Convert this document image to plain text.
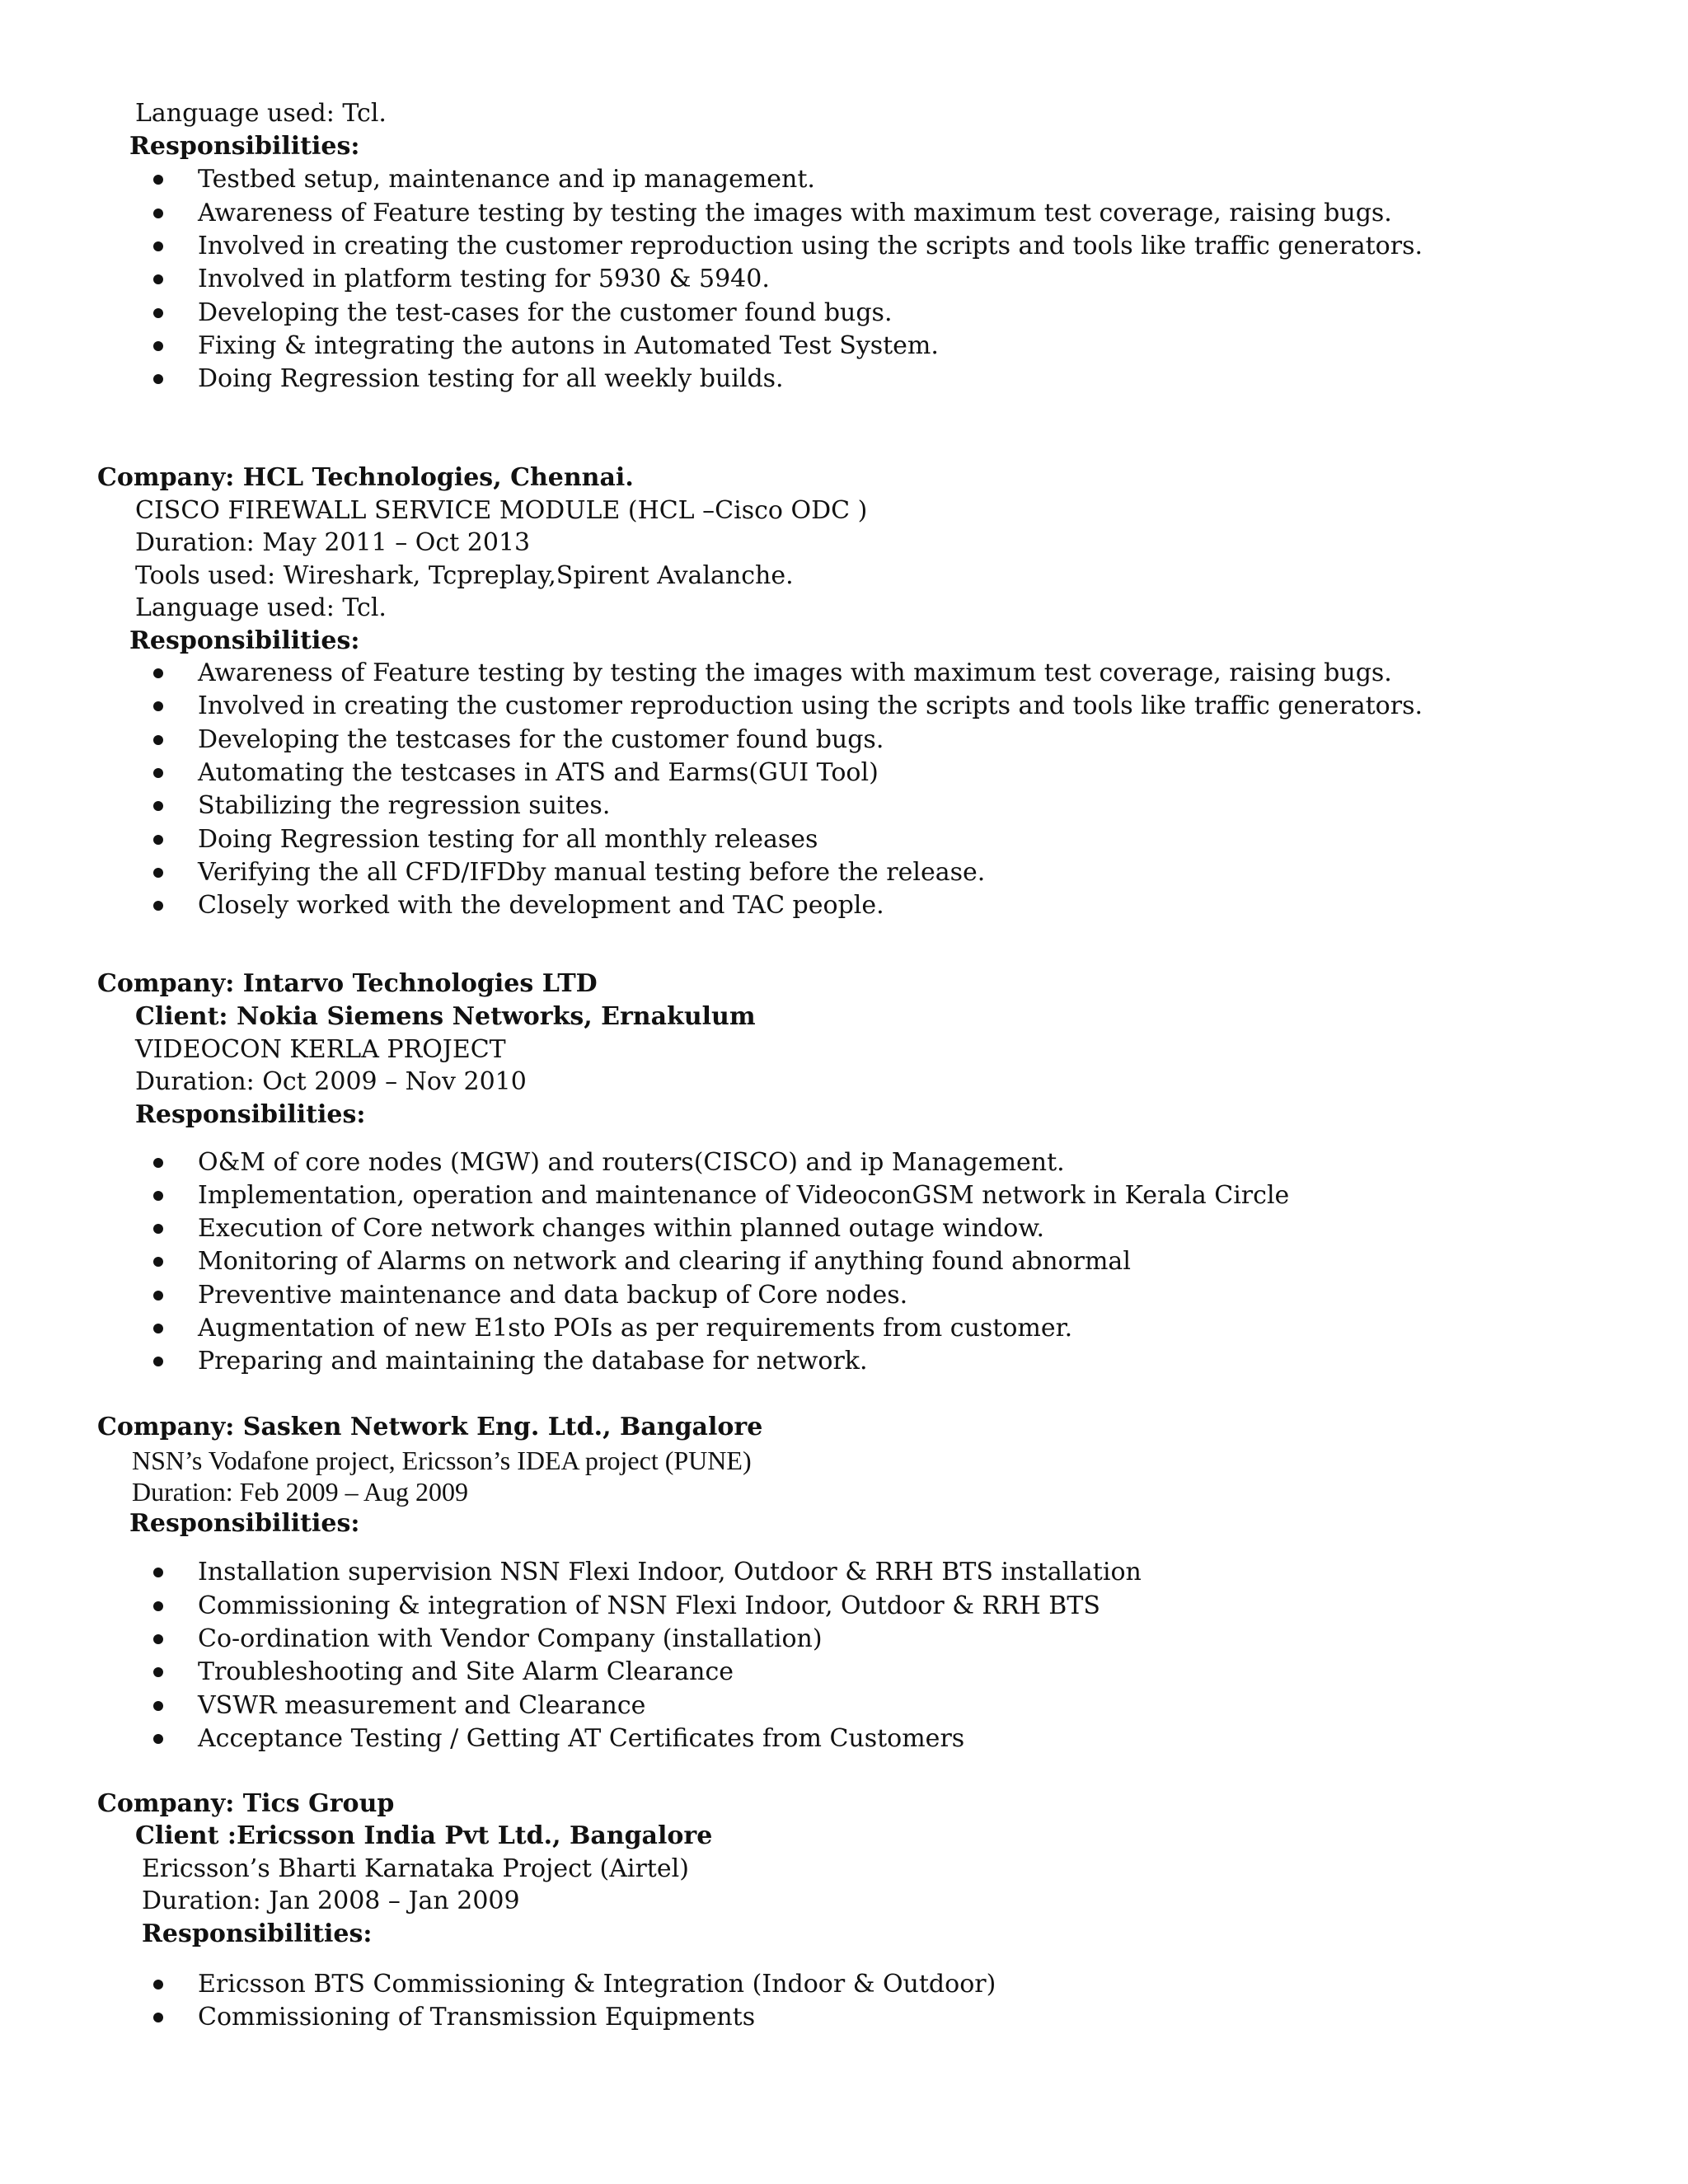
Language used: Tcl.
Responsibilities:
Testbed setup, maintenance and ip management.
Awareness of Feature testing by testing the images with maximum test coverage, raising bugs.
Involved in creating the customer reproduction using the scripts and tools like traffic generators.
Involved in platform testing for 5930 & 5940.
Developing the test-cases for the customer found bugs.
Fixing & integrating the autons in Automated Test System.
Doing Regression testing for all weekly builds.
Company: HCL Technologies, Chennai.
CISCO FIREWALL SERVICE MODULE (HCL –Cisco ODC )
Duration: May 2011 – Oct 2013
Tools used: Wireshark, Tcpreplay,Spirent Avalanche.
Language used: Tcl.
Responsibilities:
Awareness of Feature testing by testing the images with maximum test coverage, raising bugs.
Involved in creating the customer reproduction using the scripts and tools like traffic generators.
Developing the testcases for the customer found bugs.
Automating the testcases in ATS and Earms(GUI Tool)
Stabilizing the regression suites.
Doing Regression testing for all monthly releases
Verifying the all CFD/IFDby manual testing before the release.
Closely worked with the development and TAC people.
Company: Intarvo Technologies LTD
Client: Nokia Siemens Networks, Ernakulum
VIDEOCON KERLA PROJECT
Duration: Oct 2009 – Nov 2010
Responsibilities:
O&M of core nodes (MGW) and routers(CISCO) and ip Management.
Implementation, operation and maintenance of VideoconGSM network in Kerala Circle
Execution of Core network changes within planned outage window.
Monitoring of Alarms on network and clearing if anything found abnormal
Preventive maintenance and data backup of Core nodes.
Augmentation of new E1sto POIs as per requirements from customer.
Preparing and maintaining the database for network.
Company: Sasken Network Eng. Ltd., Bangalore
NSN’s Vodafone project, Ericsson’s IDEA project (PUNE)
Duration: Feb 2009 – Aug 2009
Responsibilities:
Installation supervision NSN Flexi Indoor, Outdoor & RRH BTS installation
Commissioning & integration of NSN Flexi Indoor, Outdoor & RRH BTS
Co-ordination with Vendor Company (installation)
Troubleshooting and Site Alarm Clearance
VSWR measurement and Clearance
Acceptance Testing / Getting AT Certificates from Customers
Company: Tics Group
Client :Ericsson India Pvt Ltd., Bangalore
Ericsson’s Bharti Karnataka Project (Airtel)
Duration: Jan 2008 – Jan 2009
Responsibilities:
Ericsson BTS Commissioning & Integration (Indoor & Outdoor)
Commissioning of Transmission Equipments
